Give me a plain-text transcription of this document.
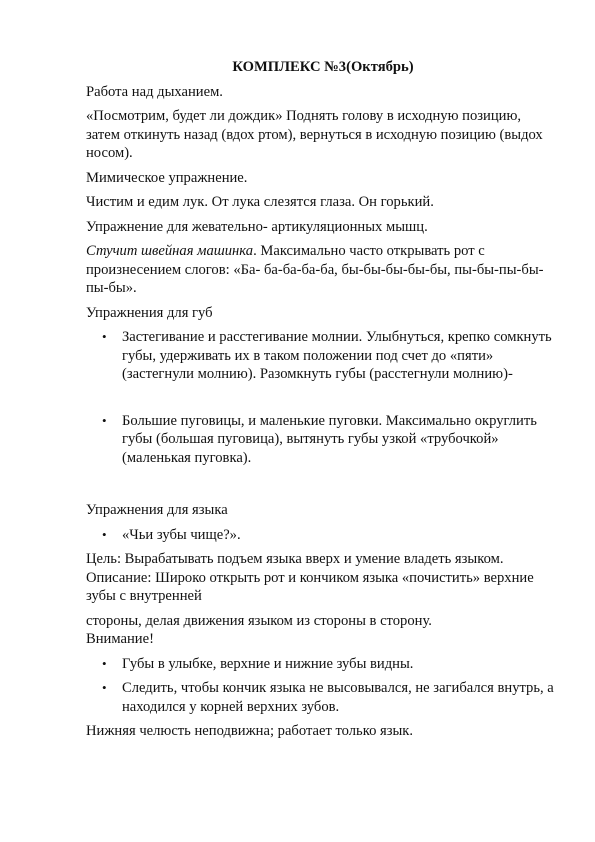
КОМПЛЕКС №3(Октябрь)

Работа над дыханием.

«Посмотрим, будет ли дождик» Поднять голову в исходную позицию, затем откинуть назад (вдох ртом), вернуться в исходную позицию (выдох носом).

Мимическое упражнение.

Чистим и едим лук. От лука слезятся глаза. Он горький.

Упражнение для жевательно- артикуляционных мышц.

Стучит швейная машинка. Максимально часто открывать рот с произнесением слогов: «Ба- ба-ба-ба-ба, бы-бы-бы-бы-бы, пы-бы-пы-бы-пы-бы».

Упражнения для губ

• Застегивание и расстегивание молнии. Улыбнуться, крепко сомкнуть губы, удерживать их в таком положении под счет до «пяти» (застегнули молнию). Разомкнуть губы (расстегнули молнию)-
• Большие пуговицы, и маленькие пуговки. Максимально округлить губы (большая пуговица), вытянуть губы узкой «трубочкой» (маленькая пуговка).

Упражнения для языка

• «Чьи зубы чище?».

Цель: Вырабатывать подъем языка вверх и умение владеть языком.

Описание: Широко открыть рот и кончиком языка «почистить» верхние зубы с внутренней

стороны, делая движения языком из стороны в сторону.

Внимание!

• Губы в улыбке, верхние и нижние зубы видны.
• Следить, чтобы кончик языка не высовывался, не загибался внутрь, а находился у корней верхних зубов.

Нижняя челюсть неподвижна; работает только язык.
